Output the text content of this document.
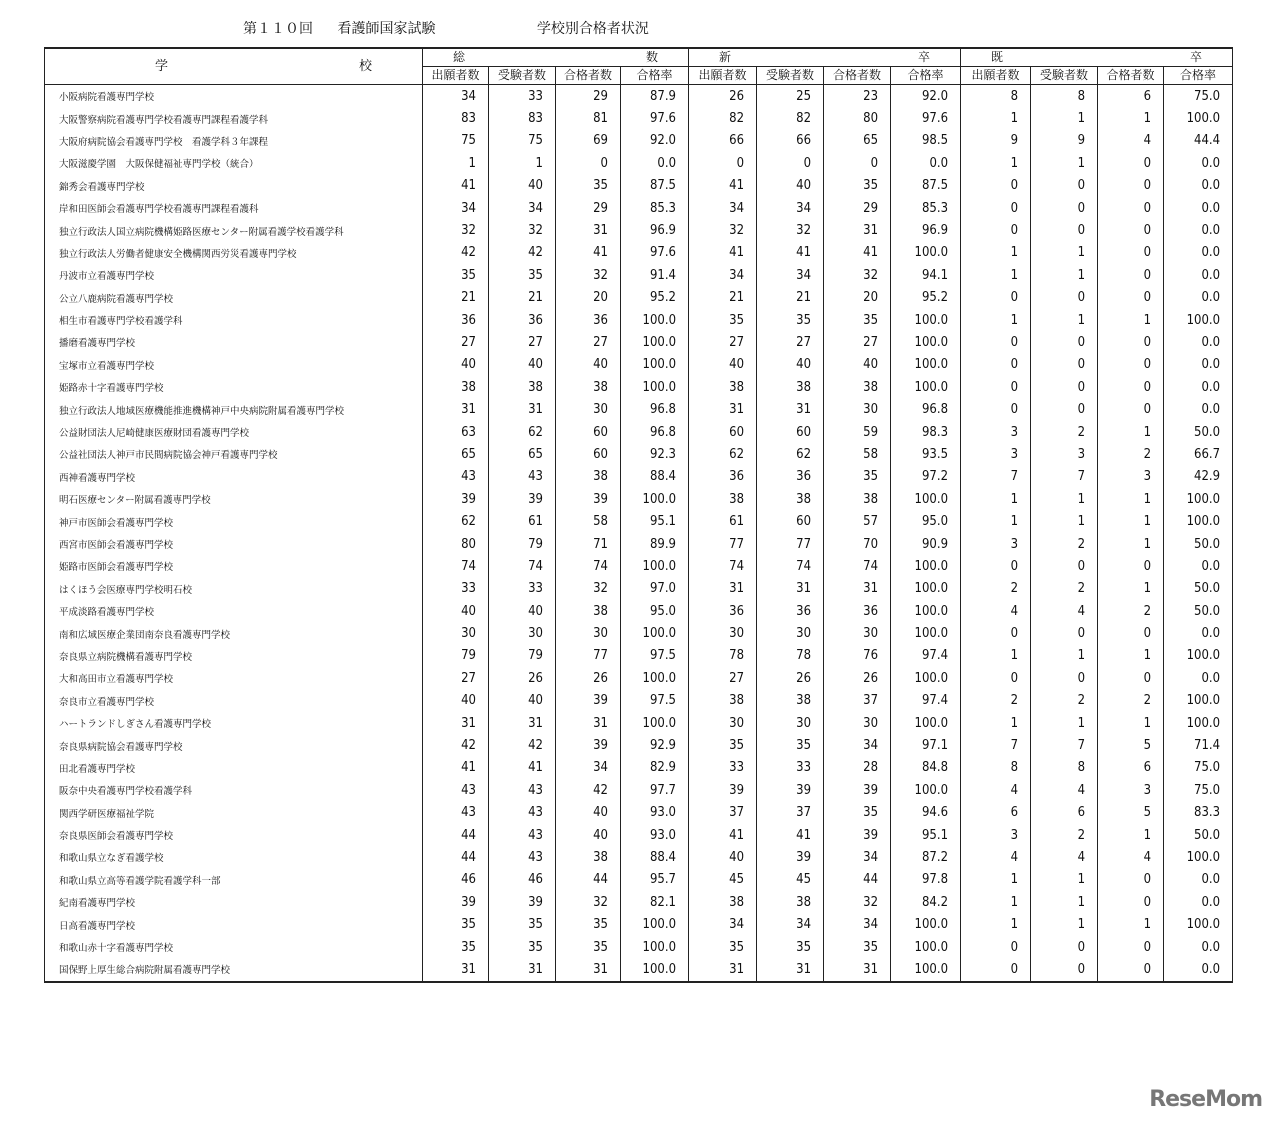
第１１０回 看護師国家試験	学校別合格者状況
学 校	総 数				新 卒				既 卒			

	出願者数	受験者数	合格者数	合格率	出願者数	受験者数	合格者数	合格率	出願者数	受験者数	合格者数	合格率
小阪病院看護専門学校	34	33	29	87.9	26	25	23	92.0	8	8	6	75.0
大阪警察病院看護専門学校看護専門課程看護学科	83	83	81	97.6	82	82	80	97.6	1	1	1	100.0
大阪府病院協会看護専門学校　看護学科３年課程	75	75	69	92.0	66	66	65	98.5	9	9	4	44.4
大阪滋慶学園　大阪保健福祉専門学校（統合）	1	1	0	0.0	0	0	0	0.0	1	1	0	0.0
錦秀会看護専門学校	41	40	35	87.5	41	40	35	87.5	0	0	0	0.0
岸和田医師会看護専門学校看護専門課程看護科	34	34	29	85.3	34	34	29	85.3	0	0	0	0.0
独立行政法人国立病院機構姫路医療センター附属看護学校看護学科	32	32	31	96.9	32	32	31	96.9	0	0	0	0.0
独立行政法人労働者健康安全機構関西労災看護専門学校	42	42	41	97.6	41	41	41	100.0	1	1	0	0.0
丹波市立看護専門学校	35	35	32	91.4	34	34	32	94.1	1	1	0	0.0
公立八鹿病院看護専門学校	21	21	20	95.2	21	21	20	95.2	0	0	0	0.0
相生市看護専門学校看護学科	36	36	36	100.0	35	35	35	100.0	1	1	1	100.0
播磨看護専門学校	27	27	27	100.0	27	27	27	100.0	0	0	0	0.0
宝塚市立看護専門学校	40	40	40	100.0	40	40	40	100.0	0	0	0	0.0
姫路赤十字看護専門学校	38	38	38	100.0	38	38	38	100.0	0	0	0	0.0
独立行政法人地域医療機能推進機構神戸中央病院附属看護専門学校	31	31	30	96.8	31	31	30	96.8	0	0	0	0.0
公益財団法人尼崎健康医療財団看護専門学校	63	62	60	96.8	60	60	59	98.3	3	2	1	50.0
公益社団法人神戸市民間病院協会神戸看護専門学校	65	65	60	92.3	62	62	58	93.5	3	3	2	66.7
西神看護専門学校	43	43	38	88.4	36	36	35	97.2	7	7	3	42.9
明石医療センター附属看護専門学校	39	39	39	100.0	38	38	38	100.0	1	1	1	100.0
神戸市医師会看護専門学校	62	61	58	95.1	61	60	57	95.0	1	1	1	100.0
西宮市医師会看護専門学校	80	79	71	89.9	77	77	70	90.9	3	2	1	50.0
姫路市医師会看護専門学校	74	74	74	100.0	74	74	74	100.0	0	0	0	0.0
はくほう会医療専門学校明石校	33	33	32	97.0	31	31	31	100.0	2	2	1	50.0
平成淡路看護専門学校	40	40	38	95.0	36	36	36	100.0	4	4	2	50.0
南和広域医療企業団南奈良看護専門学校	30	30	30	100.0	30	30	30	100.0	0	0	0	0.0
奈良県立病院機構看護専門学校	79	79	77	97.5	78	78	76	97.4	1	1	1	100.0
大和高田市立看護専門学校	27	26	26	100.0	27	26	26	100.0	0	0	0	0.0
奈良市立看護専門学校	40	40	39	97.5	38	38	37	97.4	2	2	2	100.0
ハートランドしぎさん看護専門学校	31	31	31	100.0	30	30	30	100.0	1	1	1	100.0
奈良県病院協会看護専門学校	42	42	39	92.9	35	35	34	97.1	7	7	5	71.4
田北看護専門学校	41	41	34	82.9	33	33	28	84.8	8	8	6	75.0
阪奈中央看護専門学校看護学科	43	43	42	97.7	39	39	39	100.0	4	4	3	75.0
関西学研医療福祉学院	43	43	40	93.0	37	37	35	94.6	6	6	5	83.3
奈良県医師会看護専門学校	44	43	40	93.0	41	41	39	95.1	3	2	1	50.0
和歌山県立なぎ看護学校	44	43	38	88.4	40	39	34	87.2	4	4	4	100.0
和歌山県立高等看護学院看護学科一部	46	46	44	95.7	45	45	44	97.8	1	1	0	0.0
紀南看護専門学校	39	39	32	82.1	38	38	32	84.2	1	1	0	0.0
日高看護専門学校	35	35	35	100.0	34	34	34	100.0	1	1	1	100.0
和歌山赤十字看護専門学校	35	35	35	100.0	35	35	35	100.0	0	0	0	0.0
国保野上厚生総合病院附属看護専門学校	31	31	31	100.0	31	31	31	100.0	0	0	0	0.0
ReseMom
